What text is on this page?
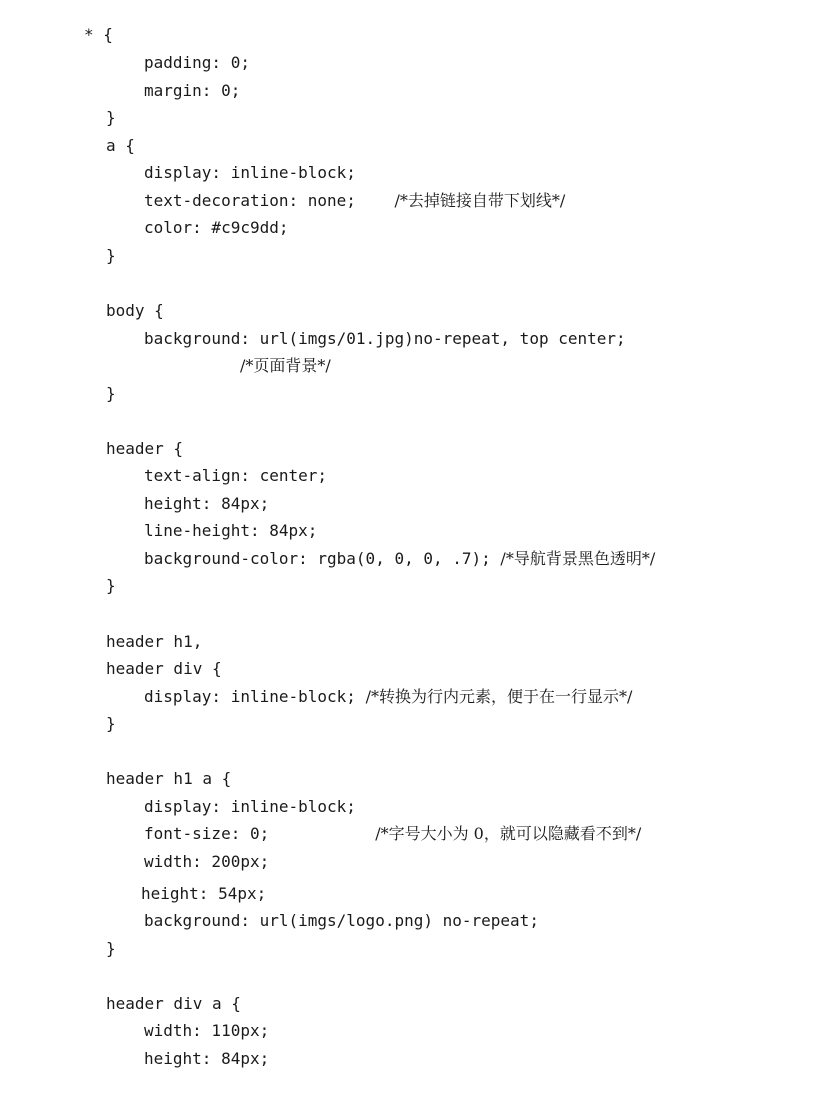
* {
padding: 0;
margin: 0;
}
a {
display: inline-block;
text-decoration: none;    /*去掉链接自带下划线*/
color: #c9c9dd;
}
body {
background: url(imgs/01.jpg)no-repeat, top center;
/*页面背景*/
}
header {
text-align: center;
height: 84px;
line-height: 84px;
background-color: rgba(0, 0, 0, .7); /*导航背景黑色透明*/
}
header h1,
header div {
display: inline-block; /*转换为行内元素，便于在一行显示*/
}
header h1 a {
display: inline-block;
font-size: 0;           /*字号大小为 0，就可以隐藏看不到*/
width: 200px;
height: 54px;
background: url(imgs/logo.png) no-repeat;
}
header div a {
width: 110px;
height: 84px;
